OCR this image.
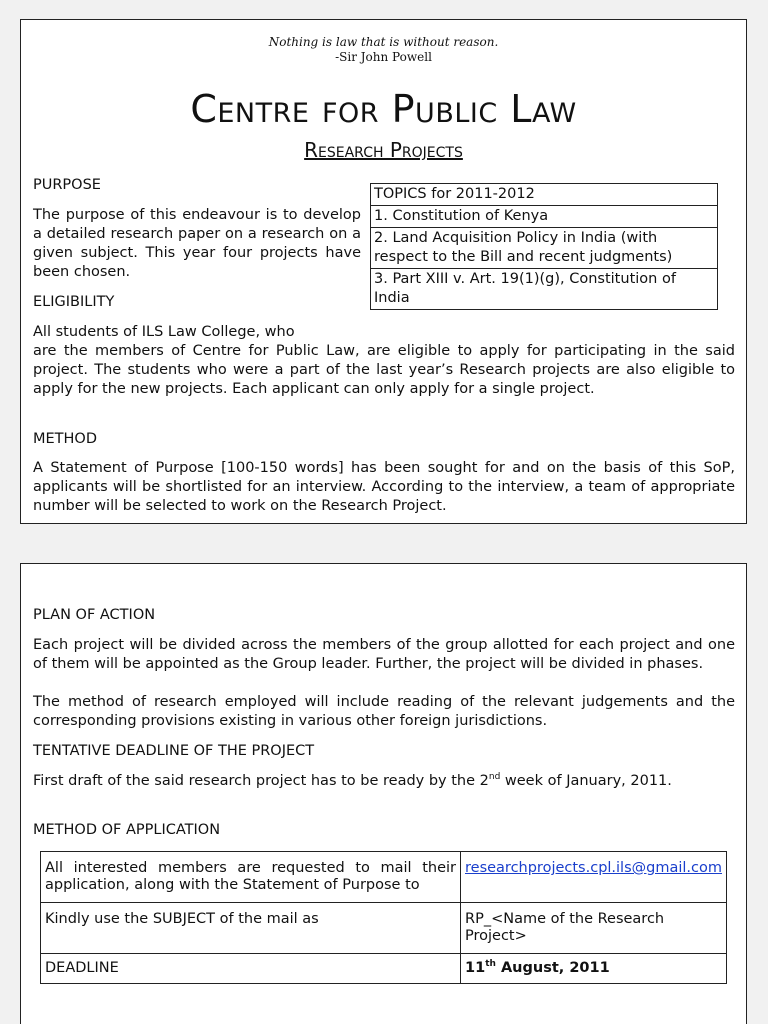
Nothing is law that is without reason.
-Sir John Powell
Centre for Public Law
Research Projects
PURPOSE
The purpose of this endeavour is to develop a detailed research paper on a research on a given subject. This year four projects have been chosen.
ELIGIBILITY
All students of ILS Law College, who
are the members of Centre for Public Law, are eligible to apply for participating in the said project. The students who were a part of the last year’s Research projects are also eligible to apply for the new projects. Each applicant can only apply for a single project.
METHOD
A Statement of Purpose [100-150 words] has been sought for and on the basis of this SoP, applicants will be shortlisted for an interview. According to the interview, a team of appropriate number will be selected to work on the Research Project.
TOPICS for 2011-2012
1. Constitution of Kenya
2. Land Acquisition Policy in India (with respect to the Bill and recent judgments)
3. Part XIII v. Art. 19(1)(g), Constitution of India
PLAN OF ACTION
Each project will be divided across the members of the group allotted for each project and one of them will be appointed as the Group leader. Further, the project will be divided in phases.
The method of research employed will include reading of the relevant judgements and the corresponding provisions existing in various other foreign jurisdictions.
TENTATIVE DEADLINE OF THE PROJECT
First draft of the said research project has to be ready by the 2nd week of January, 2011.
METHOD OF APPLICATION
All interested members are requested to mail their application, along with the Statement of Purpose to	researchprojects.cpl.ils@gmail.com
Kindly use the SUBJECT of the mail as	RP_<Name of the Research Project>
DEADLINE	11th August, 2011
